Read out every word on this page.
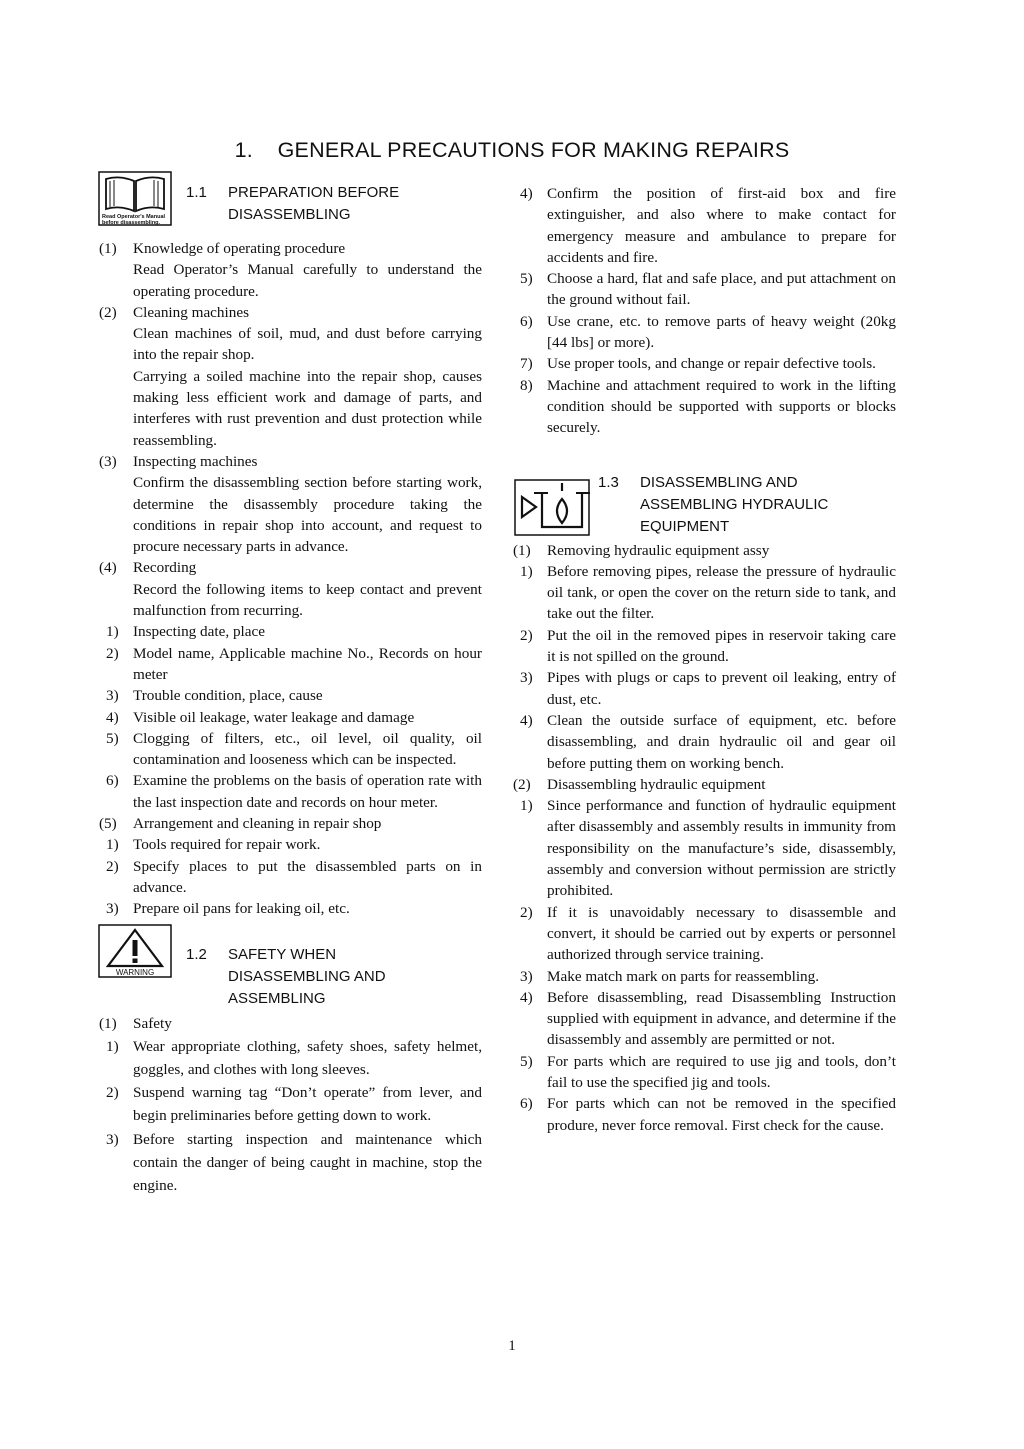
1.    GENERAL PRECAUTIONS FOR MAKING REPAIRS
Read Operator's Manual
before disassembling.
1.1 PREPARATION BEFORE
DISASSEMBLING
(1) Knowledge of operating procedure
Read Operator’s Manual carefully to understand the operating procedure.
(2) Cleaning machines
Clean machines of soil, mud, and dust before carrying into the repair shop.
Carrying a soiled machine into the repair shop, causes making less efficient work and damage of parts, and interferes with rust prevention and dust protection while reassembling.
(3) Inspecting machines
Confirm the disassembling section before starting work, determine the disassembly procedure taking the conditions in repair shop into account, and request to procure necessary parts in advance.
(4) Recording
Record the following items to keep contact and prevent malfunction from recurring.
1) Inspecting date, place
2) Model name, Applicable machine No., Records on hour meter
3) Trouble condition, place, cause
4) Visible oil leakage, water leakage and damage
5) Clogging of filters, etc., oil level, oil quality, oil contamination and looseness which can be inspected.
6) Examine the problems on the basis of operation rate with the last inspection date and records on hour meter.
(5) Arrangement and cleaning in repair shop
1) Tools required for repair work.
2) Specify places to put the disassembled parts on in advance.
3) Prepare oil pans for leaking oil, etc.
WARNING
1.2 SAFETY WHEN
DISASSEMBLING AND
ASSEMBLING
(1) Safety
1) Wear appropriate clothing, safety shoes, safety helmet, goggles, and clothes with long sleeves.
2) Suspend warning tag “Don’t operate” from lever, and begin preliminaries before getting down to work.
3) Before starting inspection and maintenance which contain the danger of being caught in machine, stop the engine.
4) Confirm the position of first-aid box and fire extinguisher, and also where to make contact for emergency measure and ambulance to prepare for accidents and fire.
5) Choose a hard, flat and safe place, and put attachment on the ground without fail.
6) Use crane, etc. to remove parts of heavy weight (20kg [44 lbs] or more).
7) Use proper tools, and change or repair defective tools.
8) Machine and attachment required to work in the lifting condition should be supported with supports or blocks securely.
1.3 DISASSEMBLING AND
ASSEMBLING HYDRAULIC
EQUIPMENT
(1) Removing hydraulic equipment assy
1) Before removing pipes, release the pressure of hydraulic oil tank, or open the cover on the return side to tank, and take out the filter.
2) Put the oil in the removed pipes in reservoir taking care it is not spilled on the ground.
3) Pipes with plugs or caps to prevent oil leaking, entry of dust, etc.
4) Clean the outside surface of equipment, etc. before disassembling, and drain hydraulic oil and gear oil before putting them on working bench.
(2) Disassembling hydraulic equipment
1) Since performance and function of hydraulic equipment after disassembly and assembly results in immunity from responsibility on the manufacture’s side, disassembly, assembly and conversion without permission are strictly prohibited.
2) If it is unavoidably necessary to disassemble and convert, it should be carried out by experts or personnel authorized through service training.
3) Make match mark on parts for reassembling.
4) Before disassembling, read Disassembling Instruction supplied with equipment in advance, and determine if the disassembly and assembly are permitted or not.
5) For parts which are required to use jig and tools, don’t fail to use the specified jig and tools.
6) For parts which can not be removed in the specified produre, never force removal. First check for the cause.
1
